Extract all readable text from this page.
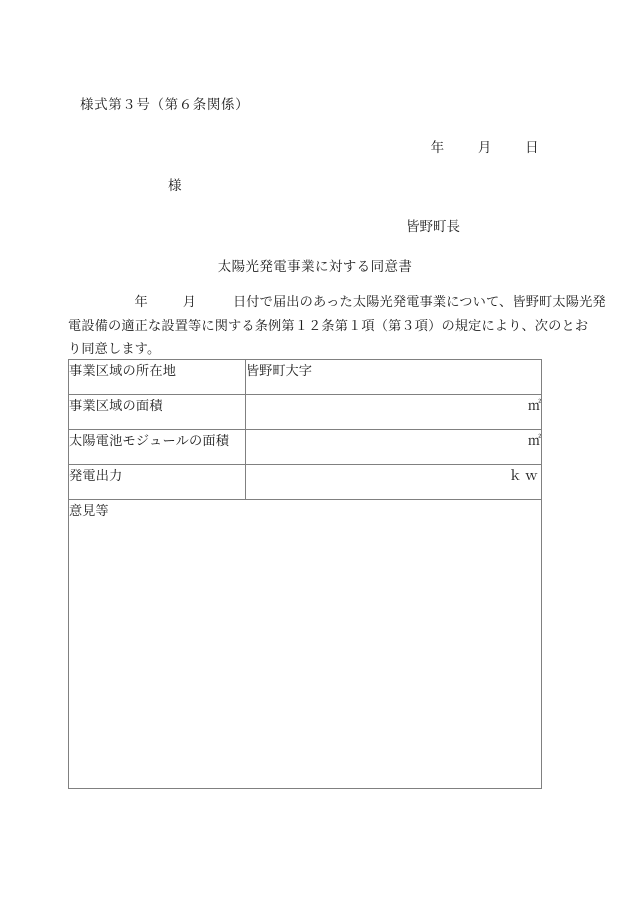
様式第３号（第６条関係）
年	月	日
様
皆野町長
太陽光発電事業に対する同意書
年	月	日付で届出のあった太陽光発電事業について、皆野町太陽光発
電設備の適正な設置等に関する条例第１２条第１項（第３項）の規定により、次のとお
り同意します。
事業区域の所在地	皆野町大字
事業区域の面積	㎡
太陽電池モジュールの面積	㎡
発電出力	ｋｗ
意見等	
